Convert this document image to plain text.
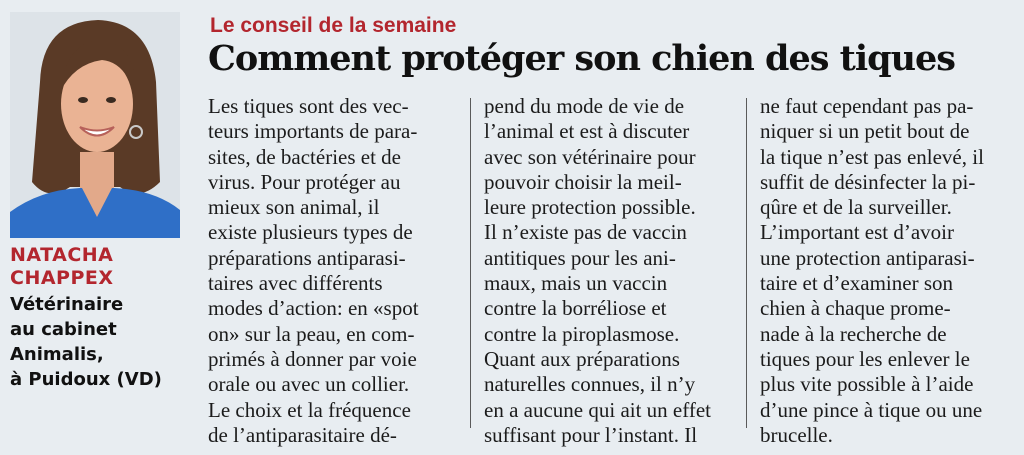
NATACHA
CHAPPEX
Vétérinaire
au cabinet
Animalis,
à Puidoux (VD)
Le conseil de la semaine
Comment protéger son chien des tiques
Les tiques sont des vec-
teurs importants de para-
sites, de bactéries et de
virus. Pour protéger au
mieux son animal, il
existe plusieurs types de
préparations antiparasi-
taires avec différents
modes d’action: en «spot
on» sur la peau, en com-
primés à donner par voie
orale ou avec un collier.
Le choix et la fréquence
de l’antiparasitaire dé-
pend du mode de vie de
l’animal et est à discuter
avec son vétérinaire pour
pouvoir choisir la meil-
leure protection possible.
Il n’existe pas de vaccin
antitiques pour les ani-
maux, mais un vaccin
contre la borréliose et
contre la piroplasmose.
Quant aux préparations
naturelles connues, il n’y
en a aucune qui ait un effet
suffisant pour l’instant. Il
ne faut cependant pas pa-
niquer si un petit bout de
la tique n’est pas enlevé, il
suffit de désinfecter la pi-
qûre et de la surveiller.
L’important est d’avoir
une protection antiparasi-
taire et d’examiner son
chien à chaque prome-
nade à la recherche de
tiques pour les enlever le
plus vite possible à l’aide
d’une pince à tique ou une
brucelle.
